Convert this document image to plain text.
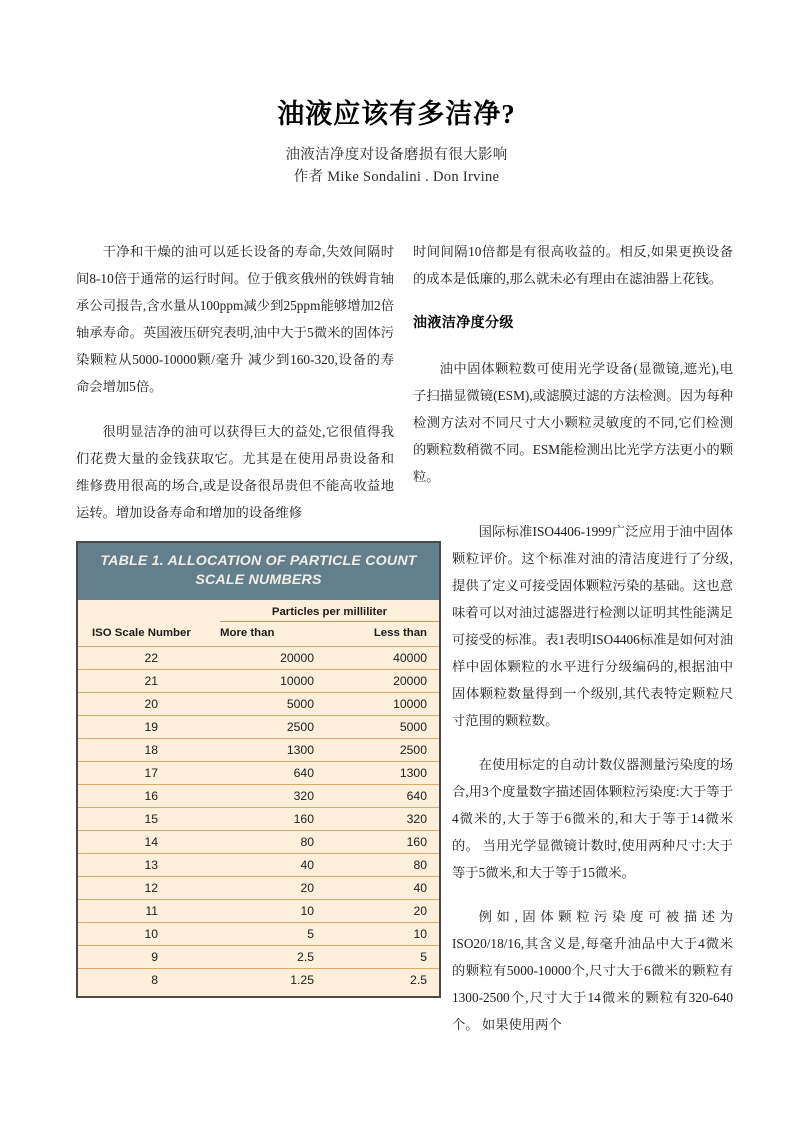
油液应该有多洁净?

油液洁净度对设备磨损有很大影响

作者 Mike Sondalini . Don Irvine

干净和干燥的油可以延长设备的寿命,失效间隔时间8-10倍于通常的运行时间。位于俄亥俄州的铁姆肯轴承公司报告,含水量从100ppm减少到25ppm能够增加2倍轴承寿命。英国液压研究表明,油中大于5微米的固体污染颗粒从5000-10000颗/毫升 减少到160-320,设备的寿命会增加5倍。

很明显洁净的油可以获得巨大的益处,它很值得我们花费大量的金钱获取它。尤其是在使用昂贵设备和维修费用很高的场合,或是设备很昂贵但不能高收益地运转。增加设备寿命和增加的设备维修

时间间隔10倍都是有很高收益的。相反,如果更换设备的成本是低廉的,那么就未必有理由在滤油器上花钱。

油液洁净度分级

油中固体颗粒数可使用光学设备(显微镜,遮光),电子扫描显微镜(ESM),或滤膜过滤的方法检测。因为每种检测方法对不同尺寸大小颗粒灵敏度的不同,它们检测的颗粒数稍微不同。ESM能检测出比光学方法更小的颗粒。

国际标准ISO4406-1999广泛应用于油中固体颗粒评价。这个标准对油的清洁度进行了分级,提供了定义可接受固体颗粒污染的基础。这也意味着可以对油过滤器进行检测以证明其性能满足可接受的标准。表1表明ISO4406标准是如何对油样中固体颗粒的水平进行分级编码的,根据油中固体颗粒数量得到一个级别,其代表特定颗粒尺寸范围的颗粒数。

在使用标定的自动计数仪器测量污染度的场合,用3个度量数字描述固体颗粒污染度:大于等于4微米的,大于等于6微米的,和大于等于14微米的。 当用光学显微镜计数时,使用两种尺寸:大于等于5微米,和大于等于15微米。

例如,固体颗粒污染度可被描述为ISO20/18/16,其含义是,每毫升油品中大于4微米的颗粒有5000-10000个,尺寸大于6微米的颗粒有1300-2500个,尺寸大于14微米的颗粒有320-640个。 如果使用两个

TABLE 1. ALLOCATION OF PARTICLE COUNT SCALE NUMBERS
Particles per milliliter
ISO Scale Number	More than	Less than
22	20000	40000
21	10000	20000
20	5000	10000
19	2500	5000
18	1300	2500
17	640	1300
16	320	640
15	160	320
14	80	160
13	40	80
12	20	40
11	10	20
10	5	10
9	2.5	5
8	1.25	2.5
